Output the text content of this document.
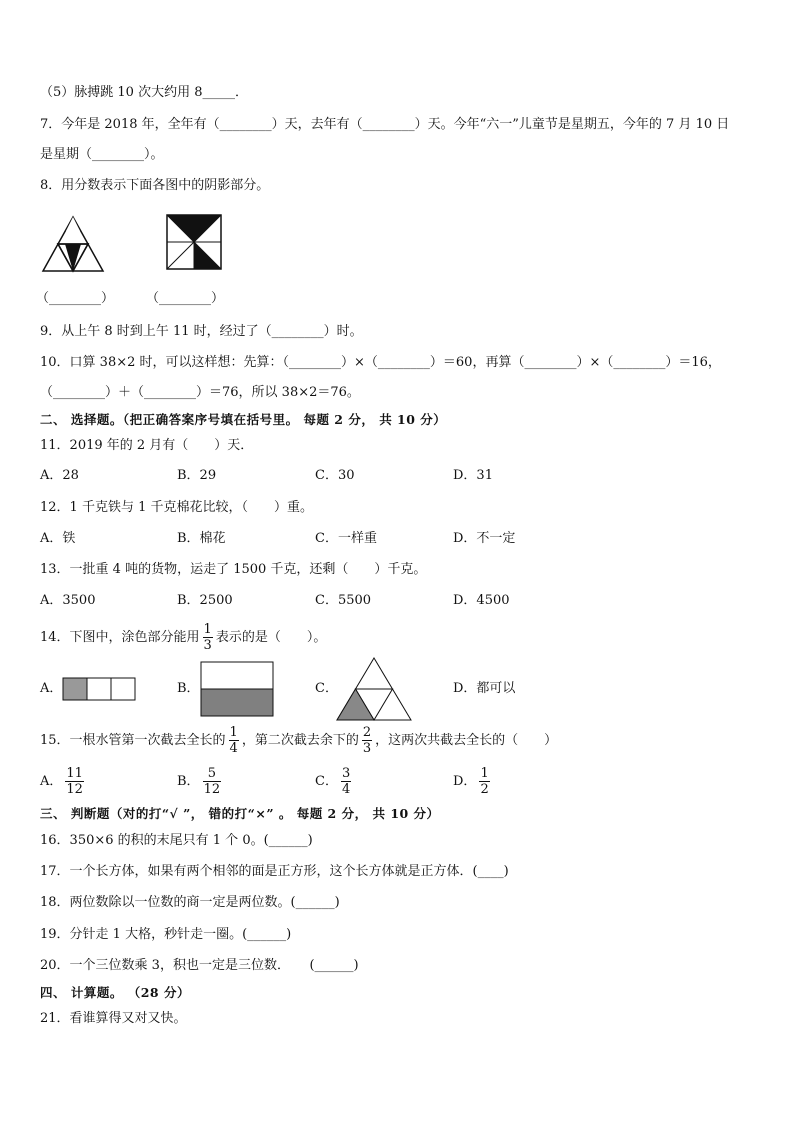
（5）脉搏跳 10 次大约用 8_____．
7．今年是 2018 年，全年有（________）天，去年有（________）天。今年“六一”儿童节是星期五，今年的 7 月 10 日
是星期（________）。
8．用分数表示下面各图中的阴影部分。
（________） （________）
9．从上午 8 时到上午 11 时，经过了（________）时。
10．口算 38×2 时，可以这样想：先算：（________）×（________）＝60，再算（________）×（________）＝16，
（________）＋（________）＝76，所以 38×2＝76。
二、 选择题。（把正确答案序号填在括号里。 每题 2 分， 共 10 分）
11．2019 年的 2 月有（　　）天．
A．28	B．29	C．30	D．31
12．1 千克铁与 1 千克棉花比较，（　　）重。
A．铁	B．棉花	C．一样重	D．不一定
13．一批重 4 吨的货物，运走了 1500 千克，还剩（　　）千克。
A．3500	B．2500	C．5500	D．4500
14．下图中，涂色部分能用 $\frac{1}{3}$ 表示的是（　　）。
A．	B．	C．	D．都可以
15．一根水管第一次截去全长的 $\frac{1}{4}$ ，第二次截去余下的 $\frac{2}{3}$ ，这两次共截去全长的（　　）
A． $\frac{11}{12}$	B． $\frac{5}{12}$	C． $\frac{3}{4}$	D． $\frac{1}{2}$
三、 判断题（对的打“√ ”， 错的打“×” 。 每题 2 分， 共 10 分）
16．350×6 的积的末尾只有 1 个 0。(______)
17．一个长方体，如果有两个相邻的面是正方形，这个长方体就是正方体．(____)
18．两位数除以一位数的商一定是两位数。(______)
19．分针走 1 大格，秒针走一圈。(______)
20．一个三位数乘 3，积也一定是三位数．　　(______)
四、 计算题。 （28 分）
21．看谁算得又对又快。
